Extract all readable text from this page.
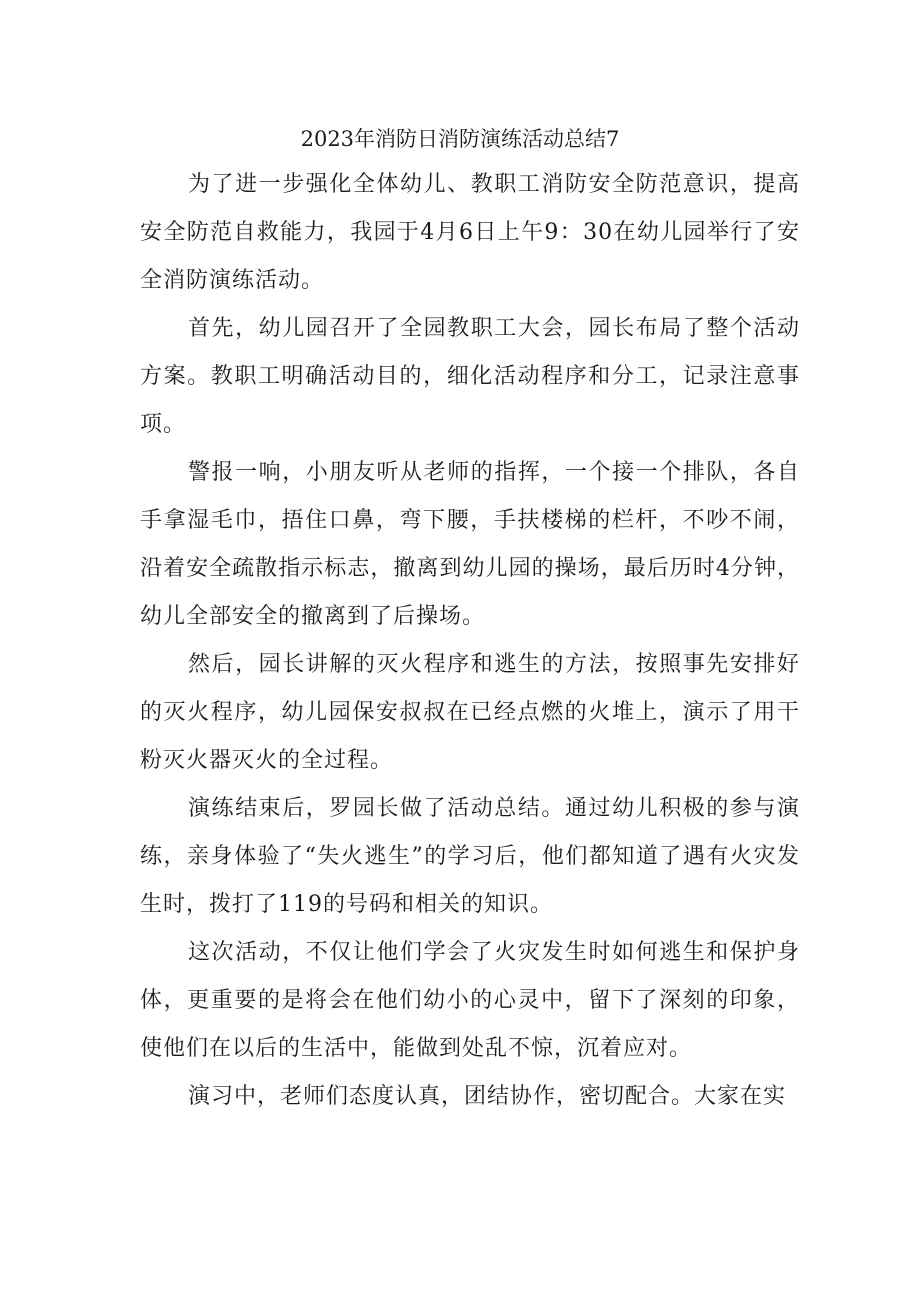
2023年消防日消防演练活动总结7

为了进一步强化全体幼儿、教职工消防安全防范意识，提高安全防范自救能力，我园于4月6日上午9：30在幼儿园举行了安全消防演练活动。

首先，幼儿园召开了全园教职工大会，园长布局了整个活动方案。教职工明确活动目的，细化活动程序和分工，记录注意事项。

警报一响，小朋友听从老师的指挥，一个接一个排队，各自手拿湿毛巾，捂住口鼻，弯下腰，手扶楼梯的栏杆，不吵不闹，沿着安全疏散指示标志，撤离到幼儿园的操场，最后历时4分钟，幼儿全部安全的撤离到了后操场。

然后，园长讲解的灭火程序和逃生的方法，按照事先安排好的灭火程序，幼儿园保安叔叔在已经点燃的火堆上，演示了用干粉灭火器灭火的全过程。

演练结束后，罗园长做了活动总结。通过幼儿积极的参与演练，亲身体验了“失火逃生”的学习后，他们都知道了遇有火灾发生时，拨打了119的号码和相关的知识。

这次活动，不仅让他们学会了火灾发生时如何逃生和保护身体，更重要的是将会在他们幼小的心灵中，留下了深刻的印象，使他们在以后的生活中，能做到处乱不惊，沉着应对。

演习中，老师们态度认真，团结协作，密切配合。大家在实
